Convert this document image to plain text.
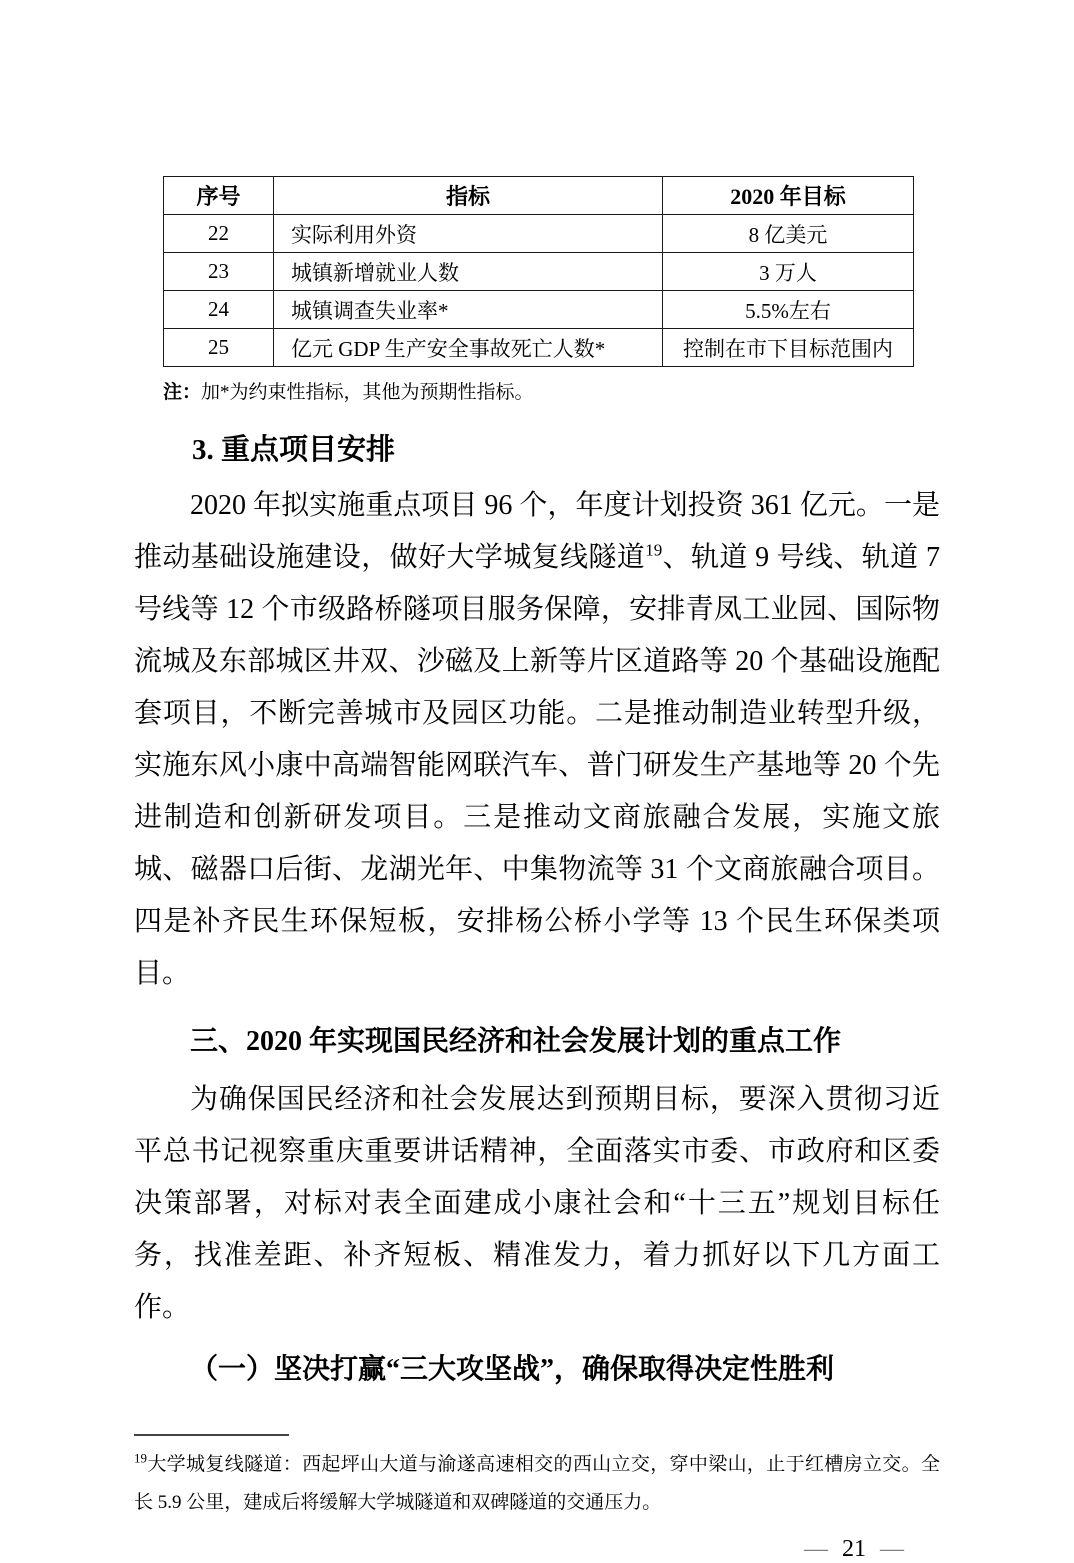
序号	指标	2020 年目标
22	实际利用外资	8 亿美元
23	城镇新增就业人数	3 万人
24	城镇调查失业率*	5.5%左右
25	亿元 GDP 生产安全事故死亡人数*	控制在市下目标范围内

注：加*为约束性指标，其他为预期性指标。

3. 重点项目安排

2020 年拟实施重点项目 96 个，年度计划投资 361 亿元。一是推动基础设施建设，做好大学城复线隧道$^{19}$、轨道 9 号线、轨道 7 号线等 12 个市级路桥隧项目服务保障，安排青凤工业园、国际物流城及东部城区井双、沙磁及上新等片区道路等 20 个基础设施配套项目，不断完善城市及园区功能。二是推动制造业转型升级，实施东风小康中高端智能网联汽车、普门研发生产基地等 20 个先进制造和创新研发项目。三是推动文商旅融合发展，实施文旅城、磁器口后街、龙湖光年、中集物流等 31 个文商旅融合项目。四是补齐民生环保短板，安排杨公桥小学等 13 个民生环保类项目。

三、2020 年实现国民经济和社会发展计划的重点工作

为确保国民经济和社会发展达到预期目标，要深入贯彻习近平总书记视察重庆重要讲话精神，全面落实市委、市政府和区委决策部署，对标对表全面建成小康社会和“十三五”规划目标任务，找准差距、补齐短板、精准发力，着力抓好以下几方面工作。

（一）坚决打赢“三大攻坚战”，确保取得决定性胜利

$^{19}$大学城复线隧道：西起坪山大道与渝遂高速相交的西山立交，穿中梁山，止于红槽房立交。全长 5.9 公里，建成后将缓解大学城隧道和双碑隧道的交通压力。

— 21 —
